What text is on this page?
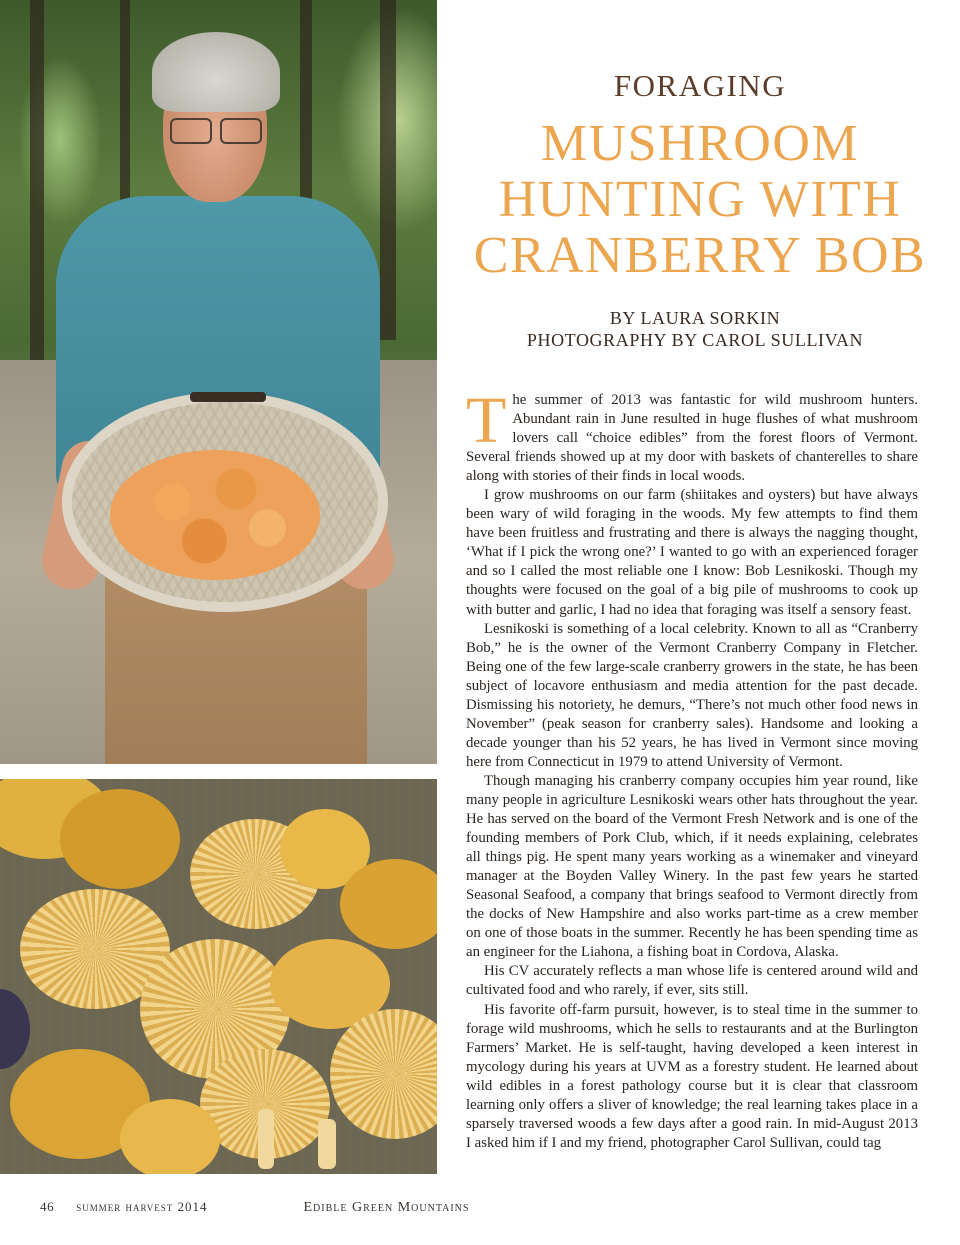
FORAGING
MUSHROOM
HUNTING WITH
CRANBERRY BOB
BY LAURA SORKIN
PHOTOGRAPHY BY CAROL SULLIVAN

The summer of 2013 was fantastic for wild mushroom hunters. Abundant rain in June resulted in huge flushes of what mushroom lovers call “choice edibles” from the forest floors of Vermont. Several friends showed up at my door with baskets of chanterelles to share along with stories of their finds in local woods.

I grow mushrooms on our farm (shiitakes and oysters) but have always been wary of wild foraging in the woods. My few attempts to find them have been fruitless and frustrating and there is always the nagging thought, ‘What if I pick the wrong one?’ I wanted to go with an experienced forager and so I called the most reliable one I know: Bob Lesnikoski. Though my thoughts were focused on the goal of a big pile of mushrooms to cook up with butter and garlic, I had no idea that foraging was itself a sensory feast.

Lesnikoski is something of a local celebrity. Known to all as “Cranberry Bob,” he is the owner of the Vermont Cranberry Company in Fletcher. Being one of the few large-scale cranberry growers in the state, he has been subject of locavore enthusiasm and media attention for the past decade. Dismissing his notoriety, he demurs, “There’s not much other food news in November” (peak season for cranberry sales). Handsome and looking a decade younger than his 52 years, he has lived in Vermont since moving here from Connecticut in 1979 to attend University of Vermont.

Though managing his cranberry company occupies him year round, like many people in agriculture Lesnikoski wears other hats throughout the year. He has served on the board of the Vermont Fresh Network and is one of the founding members of Pork Club, which, if it needs explaining, celebrates all things pig. He spent many years working as a winemaker and vineyard manager at the Boyden Valley Winery. In the past few years he started Seasonal Seafood, a company that brings seafood to Vermont directly from the docks of New Hampshire and also works part-time as a crew member on one of those boats in the summer. Recently he has been spending time as an engineer for the Liahona, a fishing boat in Cordova, Alaska.

His CV accurately reflects a man whose life is centered around wild and cultivated food and who rarely, if ever, sits still.

His favorite off-farm pursuit, however, is to steal time in the summer to forage wild mushrooms, which he sells to restaurants and at the Burlington Farmers’ Market. He is self-taught, having developed a keen interest in mycology during his years at UVM as a forestry student. He learned about wild edibles in a forest pathology course but it is clear that classroom learning only offers a sliver of knowledge; the real learning takes place in a sparsely traversed woods a few days after a good rain. In mid-August 2013 I asked him if I and my friend, photographer Carol Sullivan, could tag

46 summer harvest 2014	Edible Green Mountains
